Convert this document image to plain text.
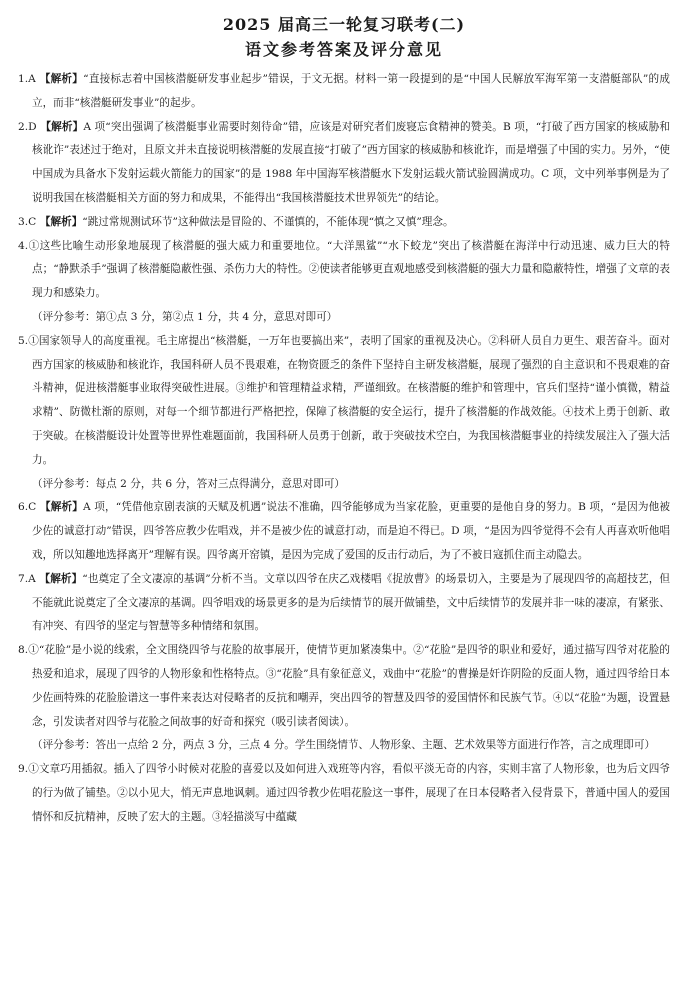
2025 届高三一轮复习联考(二)
语文参考答案及评分意见

1.A 【解析】“直接标志着中国核潜艇研发事业起步”错误，于文无据。材料一第一段提到的是“中国人民解放军海军第一支潜艇部队”的成立，而非“核潜艇研发事业”的起步。

2.D 【解析】A 项“突出强调了核潜艇事业需要时刻待命”错，应该是对研究者们废寝忘食精神的赞美。B 项，“打破了西方国家的核威胁和核讹诈”表述过于绝对，且原文并未直接说明核潜艇的发展直接“打破了”西方国家的核威胁和核讹诈，而是增强了中国的实力。另外，“使中国成为具备水下发射运载火箭能力的国家”的是 1988 年中国海军核潜艇水下发射运载火箭试验圆满成功。C 项，文中列举事例是为了说明我国在核潜艇相关方面的努力和成果，不能得出“我国核潜艇技术世界领先”的结论。

3.C 【解析】“跳过常规测试环节”这种做法是冒险的、不谨慎的，不能体现“慎之又慎”理念。

4.①这些比喻生动形象地展现了核潜艇的强大威力和重要地位。“大洋黑鲨”“水下蛟龙”突出了核潜艇在海洋中行动迅速、威力巨大的特点；“静默杀手”强调了核潜艇隐蔽性强、杀伤力大的特性。②使读者能够更直观地感受到核潜艇的强大力量和隐蔽特性，增强了文章的表现力和感染力。

（评分参考：第①点 3 分，第②点 1 分，共 4 分，意思对即可）

5.①国家领导人的高度重视。毛主席提出“核潜艇，一万年也要搞出来”，表明了国家的重视及决心。②科研人员自力更生、艰苦奋斗。面对西方国家的核威胁和核讹诈，我国科研人员不畏艰难，在物资匮乏的条件下坚持自主研发核潜艇，展现了强烈的自主意识和不畏艰难的奋斗精神，促进核潜艇事业取得突破性进展。③维护和管理精益求精，严谨细致。在核潜艇的维护和管理中，官兵们坚持“谨小慎微，精益求精”、防微杜渐的原则，对每一个细节都进行严格把控，保障了核潜艇的安全运行，提升了核潜艇的作战效能。④技术上勇于创新、敢于突破。在核潜艇设计处置等世界性难题面前，我国科研人员勇于创新，敢于突破技术空白，为我国核潜艇事业的持续发展注入了强大活力。

（评分参考：每点 2 分，共 6 分，答对三点得满分，意思对即可）

6.C 【解析】A 项，“凭借他京剧表演的天赋及机遇”说法不准确，四爷能够成为当家花脸，更重要的是他自身的努力。B 项，“是因为他被少佐的诚意打动”错误，四爷答应教少佐唱戏，并不是被少佐的诚意打动，而是迫不得已。D 项，“是因为四爷觉得不会有人再喜欢听他唱戏，所以知趣地选择离开”理解有误。四爷离开窑镇，是因为完成了爱国的反击行动后，为了不被日寇抓住而主动隐去。

7.A 【解析】“也奠定了全文凄凉的基调”分析不当。文章以四爷在庆乙戏楼唱《捉放曹》的场景切入，主要是为了展现四爷的高超技艺，但不能就此说奠定了全文凄凉的基调。四爷唱戏的场景更多的是为后续情节的展开做铺垫，文中后续情节的发展并非一味的凄凉，有紧张、有冲突、有四爷的坚定与智慧等多种情绪和氛围。

8.①“花脸”是小说的线索，全文围绕四爷与花脸的故事展开，使情节更加紧凑集中。②“花脸”是四爷的职业和爱好，通过描写四爷对花脸的热爱和追求，展现了四爷的人物形象和性格特点。③“花脸”具有象征意义，戏曲中“花脸”的曹操是奸诈阴险的反面人物，通过四爷给日本少佐画特殊的花脸脸谱这一事件来表达对侵略者的反抗和嘲弄，突出四爷的智慧及四爷的爱国情怀和民族气节。④以“花脸”为题，设置悬念，引发读者对四爷与花脸之间故事的好奇和探究（吸引读者阅读）。

（评分参考：答出一点给 2 分，两点 3 分，三点 4 分。学生围绕情节、人物形象、主题、艺术效果等方面进行作答，言之成理即可）

9.①文章巧用插叙。插入了四爷小时候对花脸的喜爱以及如何进入戏班等内容，看似平淡无奇的内容，实则丰富了人物形象，也为后文四爷的行为做了铺垫。②以小见大，悄无声息地讽刺。通过四爷教少佐唱花脸这一事件，展现了在日本侵略者入侵背景下，普通中国人的爱国情怀和反抗精神，反映了宏大的主题。③轻描淡写中蕴藏
